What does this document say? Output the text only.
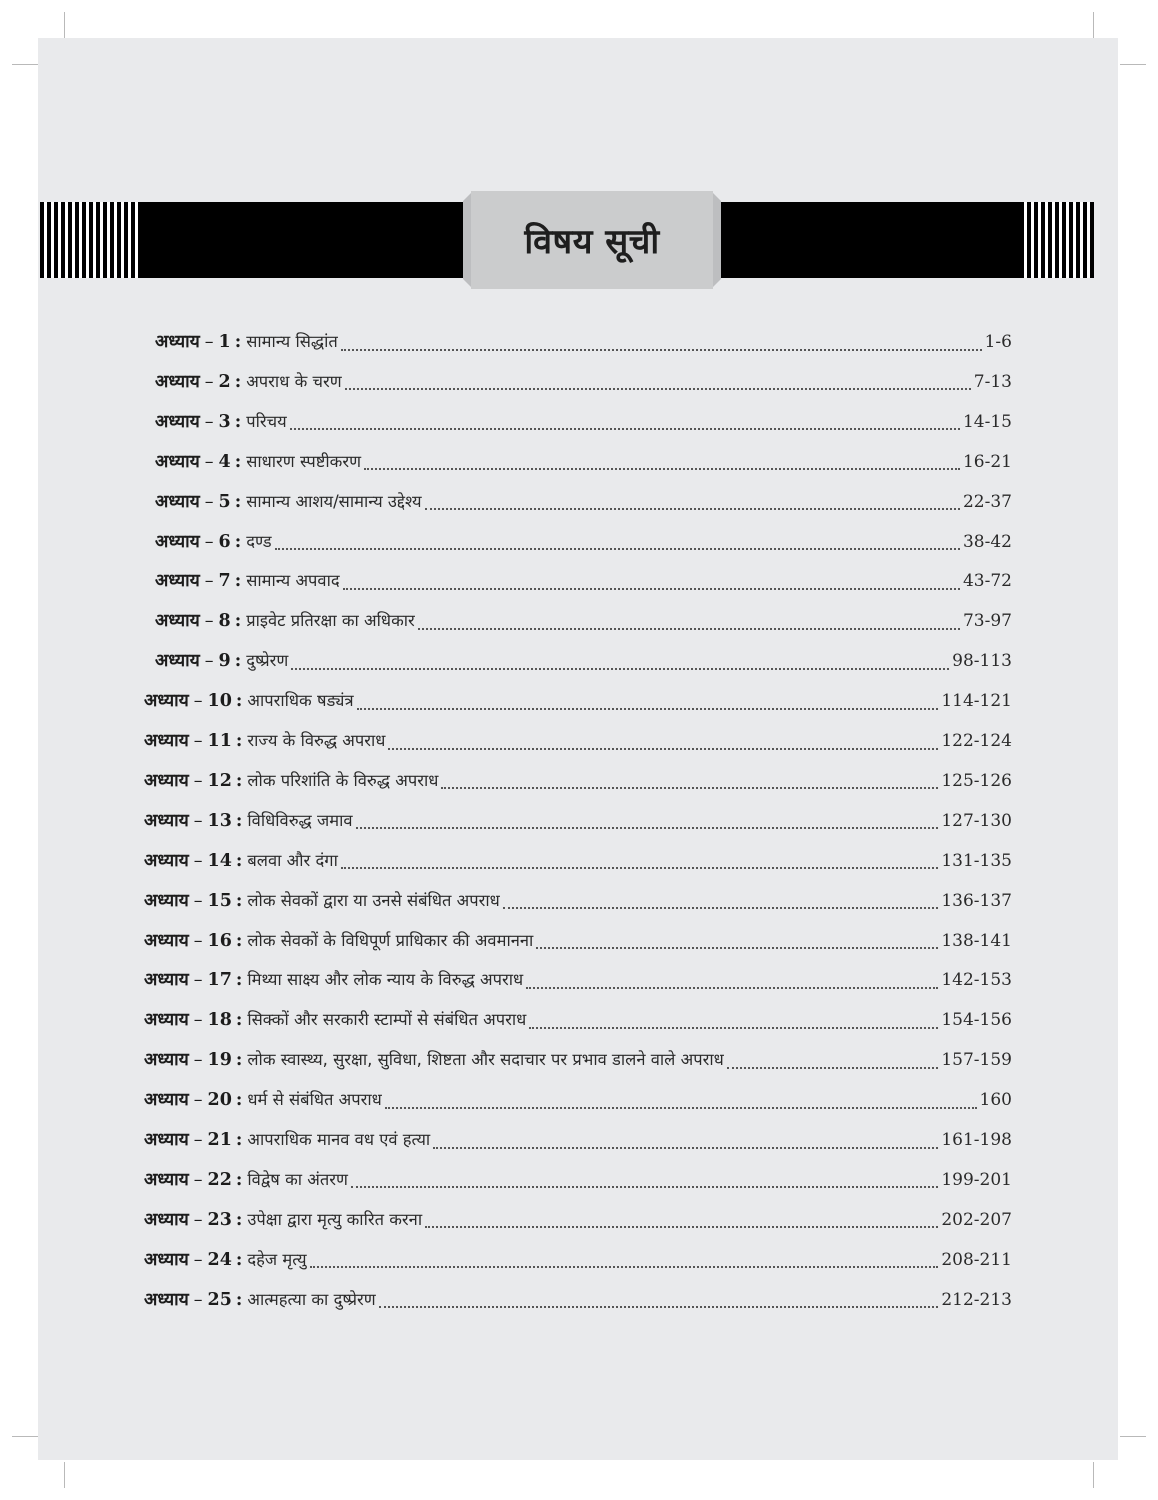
विषय सूची
अध्याय – 1 : सामान्य सिद्धांत	1-6
अध्याय – 2 : अपराध के चरण	7-13
अध्याय – 3 : परिचय	14-15
अध्याय – 4 : साधारण स्पष्टीकरण	16-21
अध्याय – 5 : सामान्य आशय/सामान्य उद्देश्य	22-37
अध्याय – 6 : दण्ड	38-42
अध्याय – 7 : सामान्य अपवाद	43-72
अध्याय – 8 : प्राइवेट प्रतिरक्षा का अधिकार	73-97
अध्याय – 9 : दुष्प्रेरण	98-113
अध्याय – 10 : आपराधिक षड्यंत्र	114-121
अध्याय – 11 : राज्य के विरुद्ध अपराध	122-124
अध्याय – 12 : लोक परिशांति के विरुद्ध अपराध	125-126
अध्याय – 13 : विधिविरुद्ध जमाव	127-130
अध्याय – 14 : बलवा और दंगा	131-135
अध्याय – 15 : लोक सेवकों द्वारा या उनसे संबंधित अपराध	136-137
अध्याय – 16 : लोक सेवकों के विधिपूर्ण प्राधिकार की अवमानना	138-141
अध्याय – 17 : मिथ्या साक्ष्य और लोक न्याय के विरुद्ध अपराध	142-153
अध्याय – 18 : सिक्कों और सरकारी स्टाम्पों से संबंधित अपराध	154-156
अध्याय – 19 : लोक स्वास्थ्य, सुरक्षा, सुविधा, शिष्टता और सदाचार पर प्रभाव डालने वाले अपराध	157-159
अध्याय – 20 : धर्म से संबंधित अपराध	160
अध्याय – 21 : आपराधिक मानव वध एवं हत्या	161-198
अध्याय – 22 : विद्वेष का अंतरण	199-201
अध्याय – 23 : उपेक्षा द्वारा मृत्यु कारित करना	202-207
अध्याय – 24 : दहेज मृत्यु	208-211
अध्याय – 25 : आत्महत्या का दुष्प्रेरण	212-213
